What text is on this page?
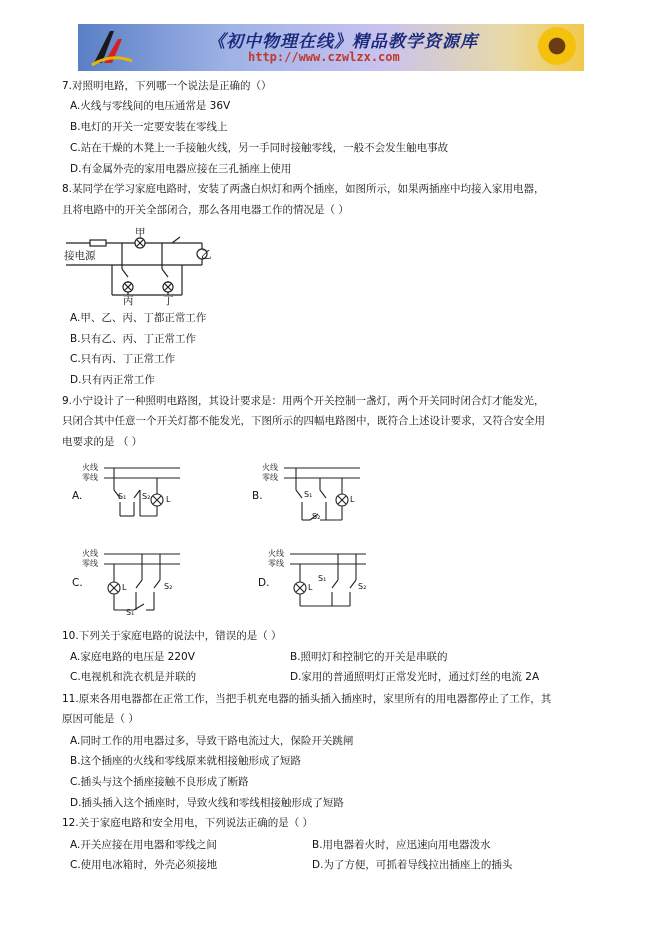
《初中物理在线》精品教学资源库
http://www.czwlzx.com
7.对照明电路，下列哪一个说法是正确的（）
A.火线与零线间的电压通常是 36V
B.电灯的开关一定要安装在零线上
C.站在干燥的木凳上一手接触火线，另一手同时接触零线，一般不会发生触电事故
D.有金属外壳的家用电器应接在三孔插座上使用
8.某同学在学习家庭电路时，安装了两盏白炽灯和两个插座，如图所示，如果两插座中均接入家用电器，
且将电路中的开关全部闭合，那么各用电器工作的情况是（ ）
接电源
甲
乙
丙	丁
A.甲、乙、丙、丁都正常工作
B.只有乙、丙、丁正常工作
C.只有丙、丁正常工作
D.只有丙正常工作
9.小宁设计了一种照明电路图，其设计要求是：用两个开关控制一盏灯，两个开关同时闭合灯才能发光，
只闭合其中任意一个开关灯都不能发光，下图所示的四幅电路图中，既符合上述设计要求，又符合安全用
电要求的是 （ ）
A.	B.
C.	D.
火线
零线
S₁ S₂ L
火线
零线
S₁
S₂
L
火线
零线
L	S₂
S₁
火线
零线
L
S₁
S₂
10.下列关于家庭电路的说法中，错误的是（ ）
A.家庭电路的电压是 220V	B.照明灯和控制它的开关是串联的
C.电视机和洗衣机是并联的	D.家用的普通照明灯正常发光时，通过灯丝的电流 2A
11.原来各用电器都在正常工作，当把手机充电器的插头插入插座时，家里所有的用电器都停止了工作，其
原因可能是（ ）
A.同时工作的用电器过多，导致干路电流过大，保险开关跳闸
B.这个插座的火线和零线原来就相接触形成了短路
C.插头与这个插座接触不良形成了断路
D.插头插入这个插座时，导致火线和零线相接触形成了短路
12.关于家庭电路和安全用电，下列说法正确的是（ ）
A.开关应接在用电器和零线之间	B.用电器着火时，应迅速向用电器泼水
C.使用电冰箱时，外壳必须接地	D.为了方便，可抓着导线拉出插座上的插头
